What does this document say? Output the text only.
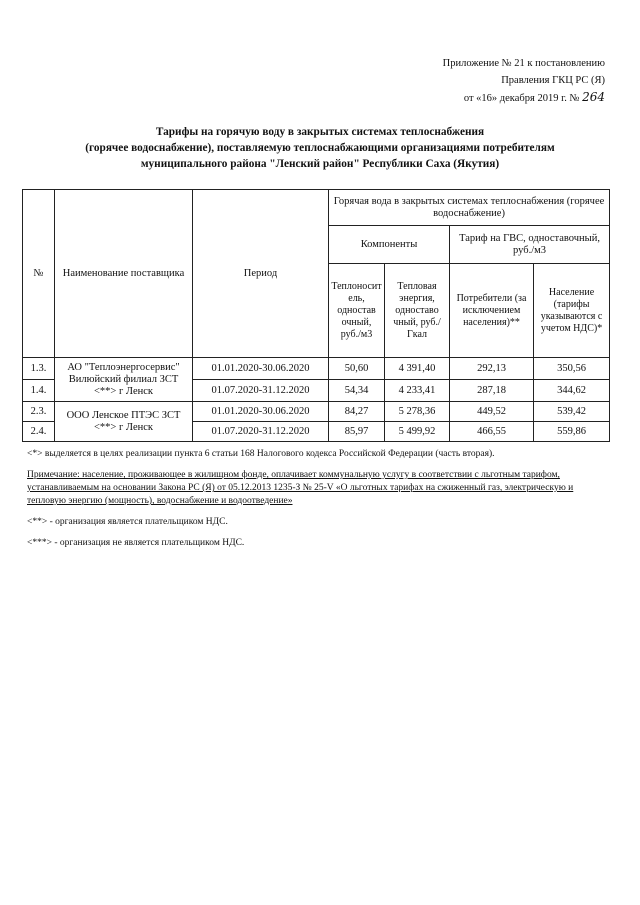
Приложение № 21 к постановлению
Правления ГКЦ РС (Я)
от «16» декабря 2019 г. № 264
Тарифы на горячую воду в закрытых системах теплоснабжения
(горячее водоснабжение), поставляемую теплоснабжающими организациями потребителям
муниципального района "Ленский район" Республики Саха (Якутия)
№	Наименование поставщика	Период	Горячая вода в закрытых системах теплоснабжения (горячее водоснабжение)			
			Компоненты		Тариф на ГВС, одноставочный, руб./м3	
			Теплоносит ель, одностав очный, руб./м3	Тепловая энергия, одноставо чный, руб./Гкал	Потребители (за исключением населения)**	Население (тарифы указываются с учетом НДС)*
1.3.	АО "Теплоэнергосервис" Вилюйский филиал ЗСТ <**> г Ленск	01.01.2020-30.06.2020	50,60	4 391,40	292,13	350,56
1.4.		01.07.2020-31.12.2020	54,34	4 233,41	287,18	344,62
2.3.	ООО Ленское ПТЭС ЗСТ <**> г Ленск	01.01.2020-30.06.2020	84,27	5 278,36	449,52	539,42
2.4.		01.07.2020-31.12.2020	85,97	5 499,92	466,55	559,86

<*> выделяется в целях реализации пункта 6 статьи 168 Налогового кодекса Российской Федерации (часть вторая).

Примечание: население, проживающее в жилищном фонде, оплачивает коммунальную услугу в соответствии с льготным тарифом, устанавливаемым на основании Закона РС (Я) от 05.12.2013 1235-З № 25-V «О льготных тарифах на сжиженный газ, электрическую и тепловую энергию (мощность), водоснабжение и водоотведение»

<**> - организация является плательщиком НДС.

<***> - организация не является плательщиком НДС.
